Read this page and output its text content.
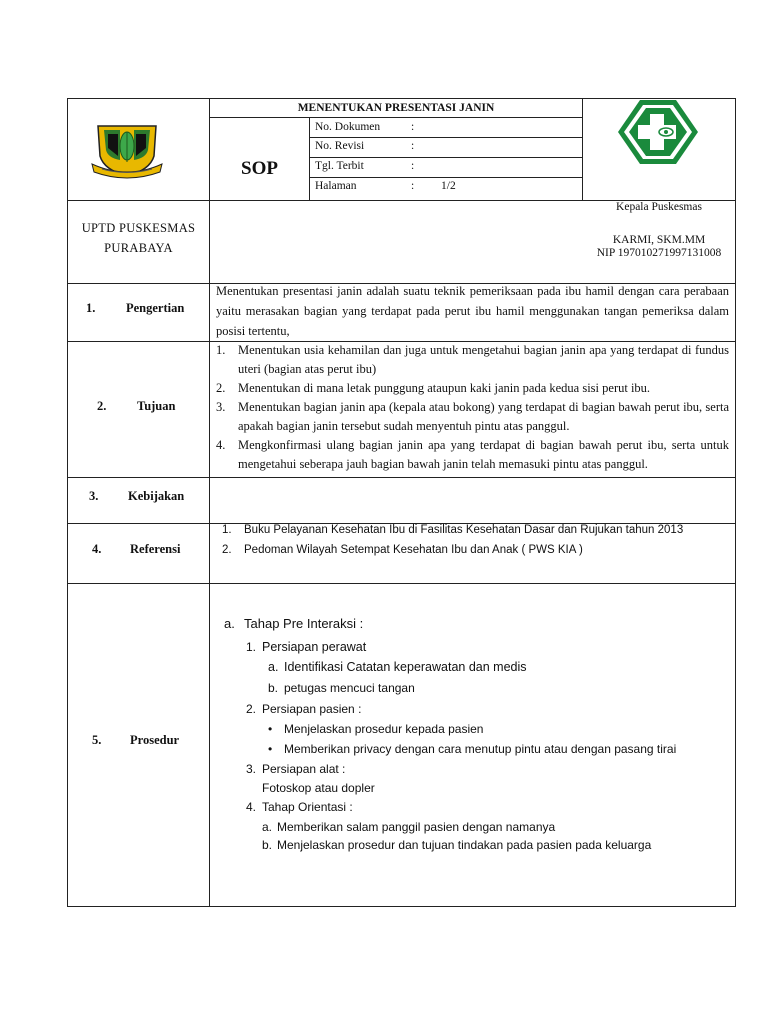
MENENTUKAN PRESENTASI JANIN
SOP
No. Dokumen	:
No. Revisi	:
Tgl. Terbit	:
Halaman	: 1/2
UPTD PUSKESMAS
PURABAYA
Kepala Puskesmas
KARMI, SKM.MM
NIP 197010271997131008
1. Pengertian
Menentukan presentasi janin adalah suatu teknik pemeriksaan pada ibu hamil dengan cara perabaan yaitu merasakan bagian yang terdapat pada perut ibu hamil menggunakan tangan pemeriksa dalam posisi tertentu,
2. Tujuan
1.	Menentukan usia kehamilan dan juga untuk mengetahui bagian janin apa yang terdapat di fundus uteri (bagian atas perut ibu)
2.	Menentukan di mana letak punggung ataupun kaki janin pada kedua sisi perut ibu.
3.	Menentukan bagian janin apa (kepala atau bokong) yang terdapat di bagian bawah perut ibu, serta apakah bagian janin tersebut sudah menyentuh pintu atas panggul.
4.	Mengkonfirmasi ulang bagian janin apa yang terdapat di bagian bawah perut ibu, serta untuk mengetahui seberapa jauh bagian bawah janin telah memasuki pintu atas panggul.
3. Kebijakan
4. Referensi
1.	Buku Pelayanan Kesehatan Ibu di Fasilitas Kesehatan Dasar dan Rujukan tahun 2013
2.	Pedoman Wilayah Setempat Kesehatan Ibu dan Anak ( PWS KIA )
5. Prosedur
a. Tahap Pre Interaksi :
1. Persiapan perawat
a. Identifikasi Catatan keperawatan dan medis
b. petugas mencuci tangan
2. Persiapan pasien :
• Menjelaskan prosedur kepada pasien
• Memberikan privacy dengan cara menutup pintu atau dengan pasang tirai
3. Persiapan alat :
Fotoskop atau dopler
4. Tahap Orientasi :
a. Memberikan salam panggil pasien dengan namanya
b. Menjelaskan prosedur dan tujuan tindakan pada pasien pada keluarga
